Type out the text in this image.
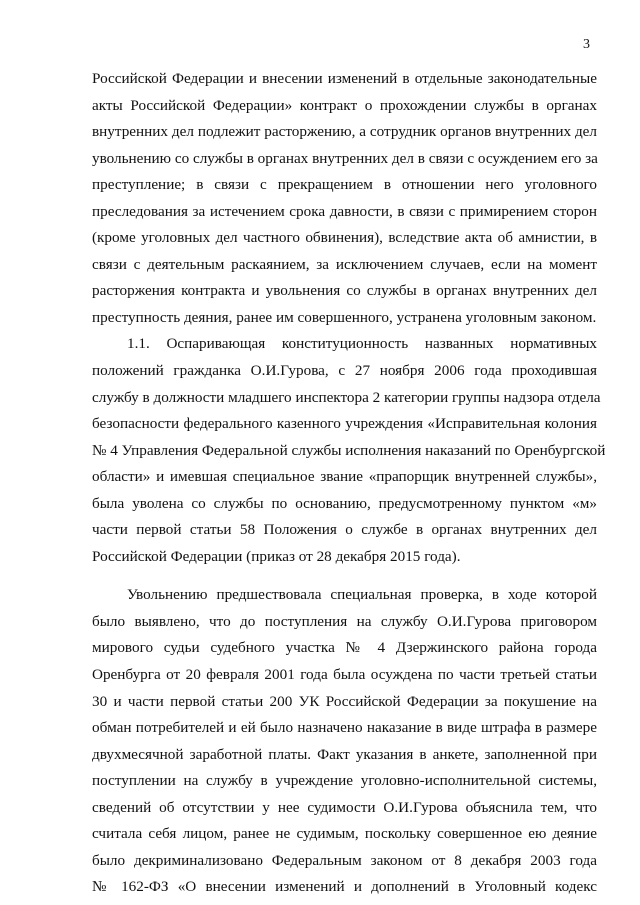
3
Российской Федерации и внесении изменений в отдельные законодательные
акты Российской Федерации» контракт о прохождении службы в органах
внутренних дел подлежит расторжению, а сотрудник органов внутренних дел
увольнению со службы в органах внутренних дел в связи с осуждением его за
преступление; в связи с прекращением в отношении него уголовного
преследования за истечением срока давности, в связи с примирением сторон
(кроме уголовных дел частного обвинения), вследствие акта об амнистии, в
связи с деятельным раскаянием, за исключением случаев, если на момент
расторжения контракта и увольнения со службы в органах внутренних дел
преступность деяния, ранее им совершенного, устранена уголовным законом.
1.1. Оспаривающая конституционность названных нормативных
положений гражданка О.И.Гурова, с 27 ноября 2006 года проходившая
службу в должности младшего инспектора 2 категории группы надзора отдела
безопасности федерального казенного учреждения «Исправительная колония
№ 4 Управления Федеральной службы исполнения наказаний по Оренбургской
области» и имевшая специальное звание «прапорщик внутренней службы»,
была уволена со службы по основанию, предусмотренному пунктом «м»
части первой статьи 58 Положения о службе в органах внутренних дел
Российской Федерации (приказ от 28 декабря 2015 года).
Увольнению предшествовала специальная проверка, в ходе которой
было выявлено, что до поступления на службу О.И.Гурова приговором
мирового судьи судебного участка № 4 Дзержинского района города
Оренбурга от 20 февраля 2001 года была осуждена по части третьей статьи
30 и части первой статьи 200 УК Российской Федерации за покушение на
обман потребителей и ей было назначено наказание в виде штрафа в размере
двухмесячной заработной платы. Факт указания в анкете, заполненной при
поступлении на службу в учреждение уголовно-исполнительной системы,
сведений об отсутствии у нее судимости О.И.Гурова объяснила тем, что
считала себя лицом, ранее не судимым, поскольку совершенное ею деяние
было декриминализовано Федеральным законом от 8 декабря 2003 года
№ 162-ФЗ «О внесении изменений и дополнений в Уголовный кодекс
